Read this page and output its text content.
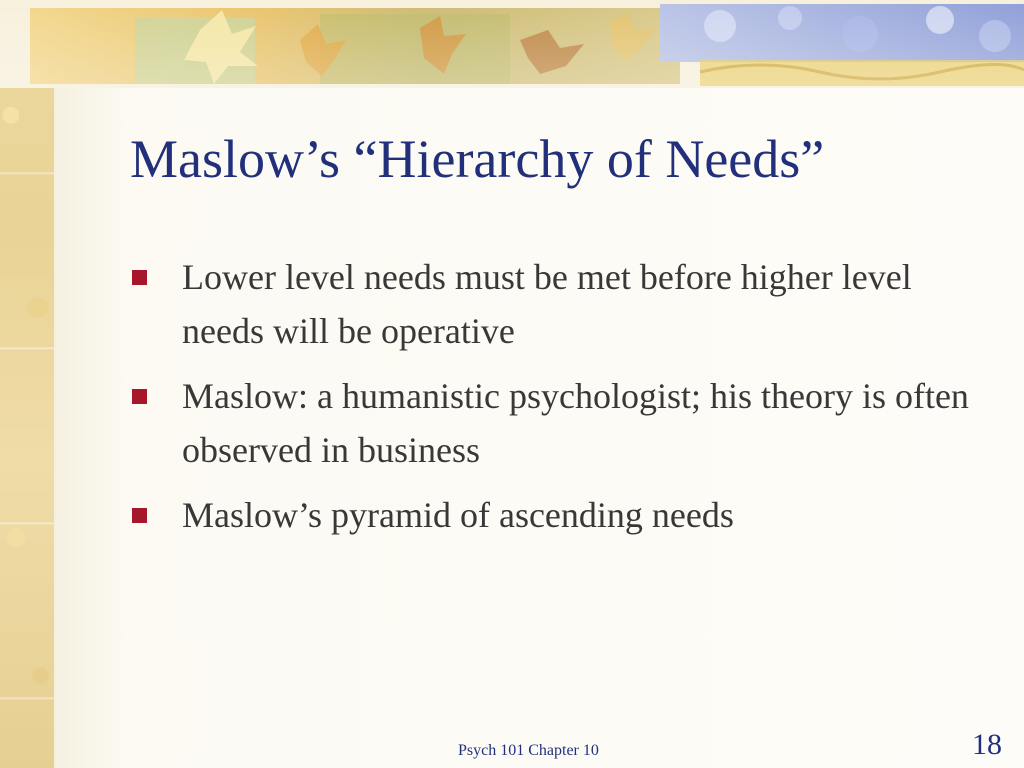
Maslow’s “Hierarchy of Needs”
Lower level needs must be met before higher level needs will be operative
Maslow: a humanistic psychologist; his theory is often observed in business
Maslow’s pyramid of ascending needs
Psych 101 Chapter 10	18
